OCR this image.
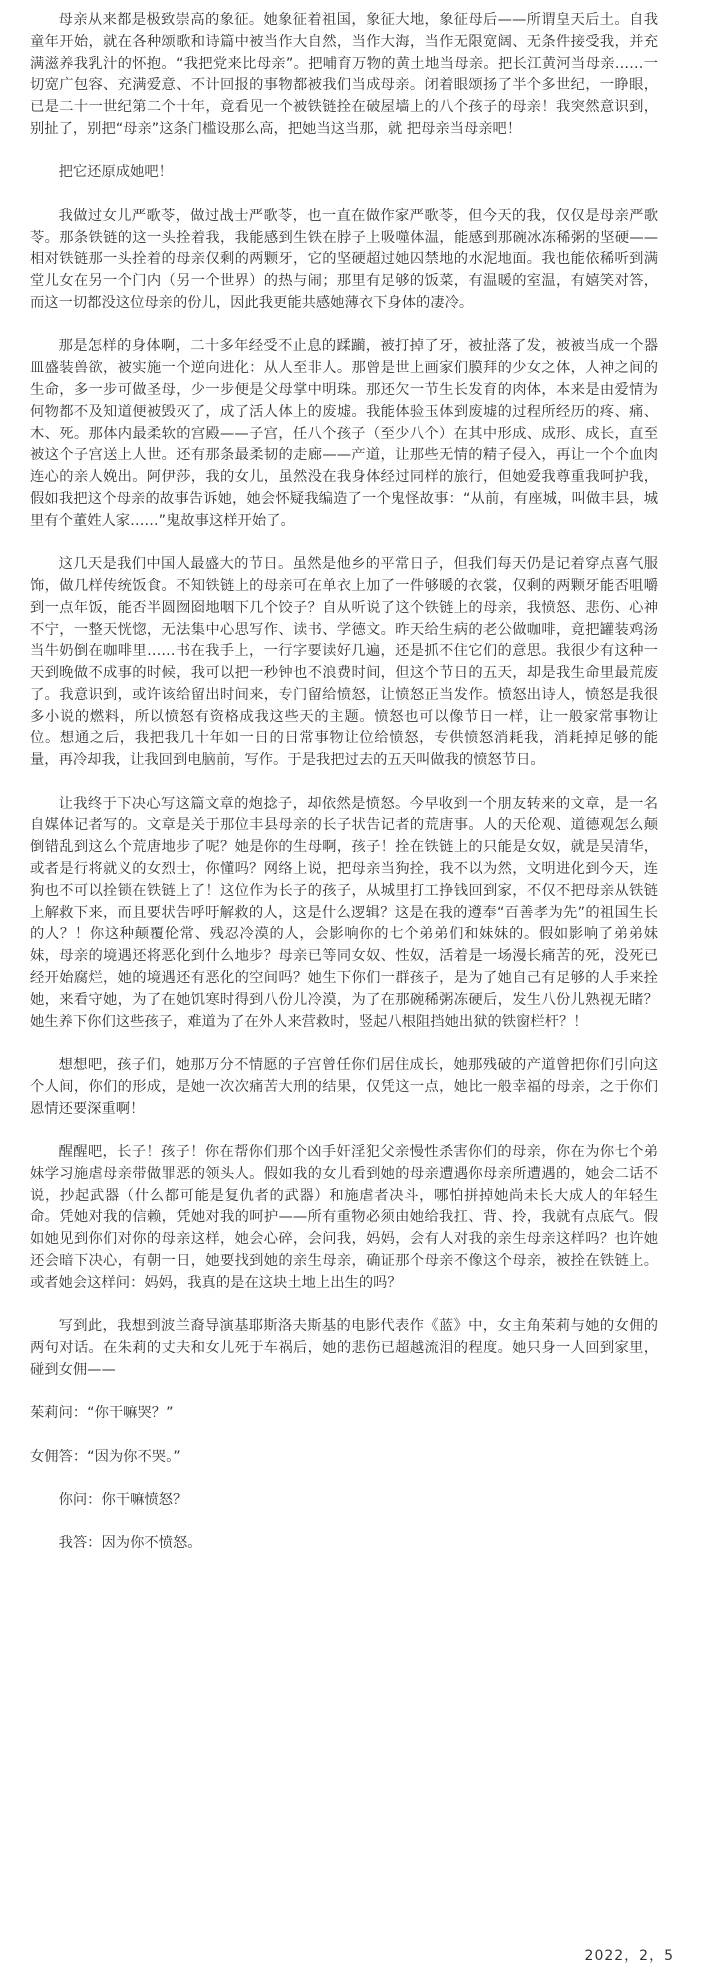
母亲从来都是极致崇高的象征。她象征着祖国，象征大地，象征母后——所谓皇天后土。自我童年开始，就在各种颂歌和诗篇中被当作大自然，当作大海，当作无限宽阔、无条件接受我，并充满滋养我乳汁的怀抱。“我把党来比母亲”。把哺育万物的黄土地当母亲。把长江黄河当母亲……一切宽广包容、充满爱意、不计回报的事物都被我们当成母亲。闭着眼颂扬了半个多世纪，一睁眼，已是二十一世纪第二个十年，竟看见一个被铁链拴在破屋墙上的八个孩子的母亲！我突然意识到，别扯了，别把“母亲”这条门槛设那么高，把她当这当那，就 把母亲当母亲吧！

把它还原成她吧！

我做过女儿严歌苓，做过战士严歌苓，也一直在做作家严歌苓，但今天的我，仅仅是母亲严歌苓。那条铁链的这一头拴着我，我能感到生铁在脖子上吸噬体温，能感到那碗冰冻稀粥的坚硬——相对铁链那一头拴着的母亲仅剩的两颗牙，它的坚硬超过她囚禁地的水泥地面。我也能依稀听到满堂儿女在另一个门内（另一个世界）的热与闹；那里有足够的饭菜，有温暖的室温，有嬉笑对答，而这一切都没这位母亲的份儿，因此我更能共感她薄衣下身体的凄冷。

那是怎样的身体啊，二十多年经受不止息的蹂躏，被打掉了牙，被扯落了发，被被当成一个器皿盛装兽欲，被实施一个逆向进化：从人至非人。那曾是世上画家们膜拜的少女之体，人神之间的生命，多一步可做圣母，少一步便是父母掌中明珠。那还欠一节生长发育的肉体，本来是由爱情为何物都不及知道便被毁灭了，成了活人体上的废墟。我能体验玉体到废墟的过程所经历的疼、痛、木、死。那体内最柔软的宫殿——子宫，任八个孩子（至少八个）在其中形成、成形、成长，直至被这个子宫送上人世。还有那条最柔韧的走廊——产道，让那些无情的精子侵入，再让一个个血肉连心的亲人娩出。阿伊莎，我的女儿，虽然没在我身体经过同样的旅行，但她爱我尊重我呵护我，假如我把这个母亲的故事告诉她，她会怀疑我编造了一个鬼怪故事：“从前，有座城，叫做丰县，城里有个董姓人家……”鬼故事这样开始了。

这几天是我们中国人最盛大的节日。虽然是他乡的平常日子，但我们每天仍是记着穿点喜气服饰，做几样传统饭食。不知铁链上的母亲可在单衣上加了一件够暖的衣裳，仅剩的两颗牙能否咀嚼到一点年饭，能否半圆囫囵地咽下几个饺子？自从听说了这个铁链上的母亲，我愤怒、悲伤、心神不宁，一整天恍惚，无法集中心思写作、读书、学德文。昨天给生病的老公做咖啡，竟把罐装鸡汤当牛奶倒在咖啡里……书在我手上，一行字要读好几遍，还是抓不住它们的意思。我很少有这种一天到晚做不成事的时候，我可以把一秒钟也不浪费时间，但这个节日的五天，却是我生命里最荒废了。我意识到，或许该给留出时间来，专门留给愤怒，让愤怒正当发作。愤怒出诗人，愤怒是我很多小说的燃料，所以愤怒有资格成我这些天的主题。愤怒也可以像节日一样，让一般家常事物让位。想通之后，我把我几十年如一日的日常事物让位给愤怒，专供愤怒消耗我，消耗掉足够的能量，再冷却我，让我回到电脑前，写作。于是我把过去的五天叫做我的愤怒节日。

让我终于下决心写这篇文章的炮捻子，却依然是愤怒。今早收到一个朋友转来的文章，是一名自媒体记者写的。文章是关于那位丰县母亲的长子状告记者的荒唐事。人的天伦观、道德观怎么颠倒错乱到这么个荒唐地步了呢？她是你的生母啊，孩子！拴在铁链上的只能是女奴，就是吴清华，或者是行将就义的女烈士，你懂吗？网络上说，把母亲当狗拴，我不以为然，文明进化到今天，连狗也不可以拴锁在铁链上了！这位作为长子的孩子，从城里打工挣钱回到家，不仅不把母亲从铁链上解救下来，而且要状告呼吁解救的人，这是什么逻辑？这是在我的遵奉“百善孝为先”的祖国生长的人？！你这种颠覆伦常、残忍冷漠的人，会影响你的七个弟弟们和妹妹的。假如影响了弟弟妹妹，母亲的境遇还将恶化到什么地步？母亲已等同女奴、性奴，活着是一场漫长痛苦的死，没死已经开始腐烂，她的境遇还有恶化的空间吗？她生下你们一群孩子，是为了她自己有足够的人手来拴她，来看守她，为了在她饥寒时得到八份儿冷漠，为了在那碗稀粥冻硬后，发生八份儿熟视无睹？她生养下你们这些孩子，难道为了在外人来营救时，竖起八根阻挡她出狱的铁窗栏杆？！

想想吧，孩子们，她那万分不情愿的子宫曾任你们居住成长，她那残破的产道曾把你们引向这个人间，你们的形成，是她一次次痛苦大刑的结果，仅凭这一点，她比一般幸福的母亲，之于你们恩情还要深重啊！

醒醒吧，长子！孩子！你在帮你们那个凶手奸淫犯父亲慢性杀害你们的母亲，你在为你七个弟妹学习施虐母亲带做罪恶的领头人。假如我的女儿看到她的母亲遭遇你母亲所遭遇的，她会二话不说，抄起武器（什么都可能是复仇者的武器）和施虐者决斗，哪怕拼掉她尚未长大成人的年轻生命。凭她对我的信赖，凭她对我的呵护——所有重物必须由她给我扛、背、拎，我就有点底气。假如她见到你们对你的母亲这样，她会心碎，会问我，妈妈，会有人对我的亲生母亲这样吗？也许她还会暗下决心，有朝一日，她要找到她的亲生母亲，确证那个母亲不像这个母亲，被拴在铁链上。或者她会这样问：妈妈，我真的是在这块土地上出生的吗？

写到此，我想到波兰裔导演基耶斯洛夫斯基的电影代表作《蓝》中，女主角茱莉与她的女佣的两句对话。在朱莉的丈夫和女儿死于车祸后，她的悲伤已超越流泪的程度。她只身一人回到家里，碰到女佣——

茱莉问：“你干嘛哭？”

女佣答：“因为你不哭。”

你问：你干嘛愤怒？

我答：因为你不愤怒。

2022，2，5
